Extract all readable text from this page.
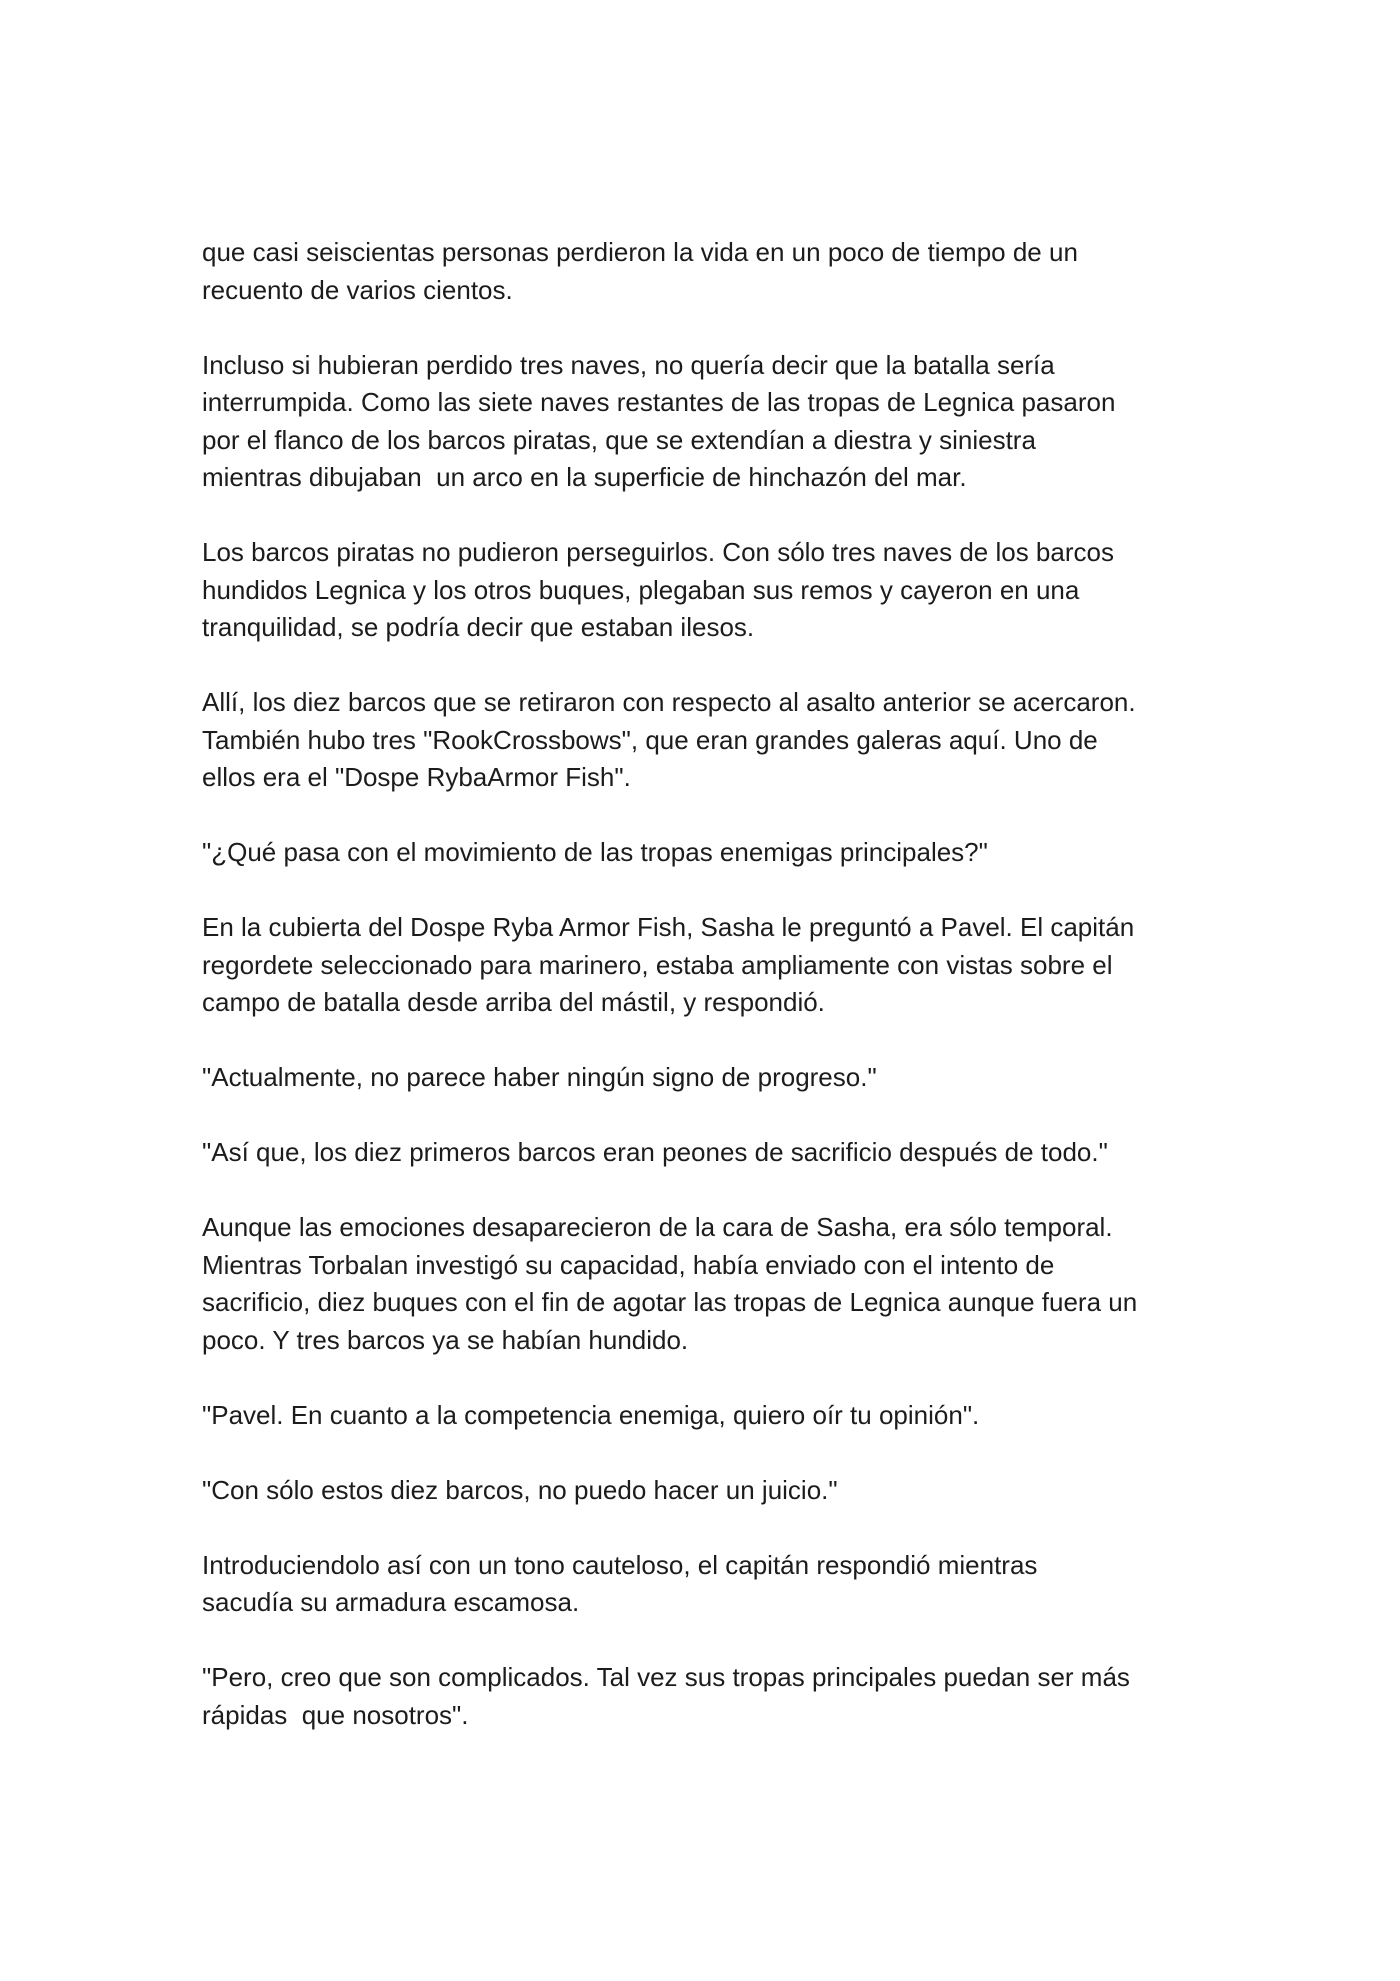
que casi seiscientas personas perdieron la vida en un poco de tiempo de un
recuento de varios cientos.

Incluso si hubieran perdido tres naves, no quería decir que la batalla sería
interrumpida. Como las siete naves restantes de las tropas de Legnica pasaron
por el flanco de los barcos piratas, que se extendían a diestra y siniestra
mientras dibujaban  un arco en la superficie de hinchazón del mar.

Los barcos piratas no pudieron perseguirlos. Con sólo tres naves de los barcos
hundidos Legnica y los otros buques, plegaban sus remos y cayeron en una
tranquilidad, se podría decir que estaban ilesos.

Allí, los diez barcos que se retiraron con respecto al asalto anterior se acercaron.
También hubo tres "RookCrossbows", que eran grandes galeras aquí. Uno de
ellos era el "Dospe RybaArmor Fish".

"¿Qué pasa con el movimiento de las tropas enemigas principales?"

En la cubierta del Dospe Ryba Armor Fish, Sasha le preguntó a Pavel. El capitán
regordete seleccionado para marinero, estaba ampliamente con vistas sobre el
campo de batalla desde arriba del mástil, y respondió.

"Actualmente, no parece haber ningún signo de progreso."

"Así que, los diez primeros barcos eran peones de sacrificio después de todo."

Aunque las emociones desaparecieron de la cara de Sasha, era sólo temporal.
Mientras Torbalan investigó su capacidad, había enviado con el intento de
sacrificio, diez buques con el fin de agotar las tropas de Legnica aunque fuera un
poco. Y tres barcos ya se habían hundido.

"Pavel. En cuanto a la competencia enemiga, quiero oír tu opinión".

"Con sólo estos diez barcos, no puedo hacer un juicio."

Introduciendolo así con un tono cauteloso, el capitán respondió mientras
sacudía su armadura escamosa.

"Pero, creo que son complicados. Tal vez sus tropas principales puedan ser más
rápidas  que nosotros".
